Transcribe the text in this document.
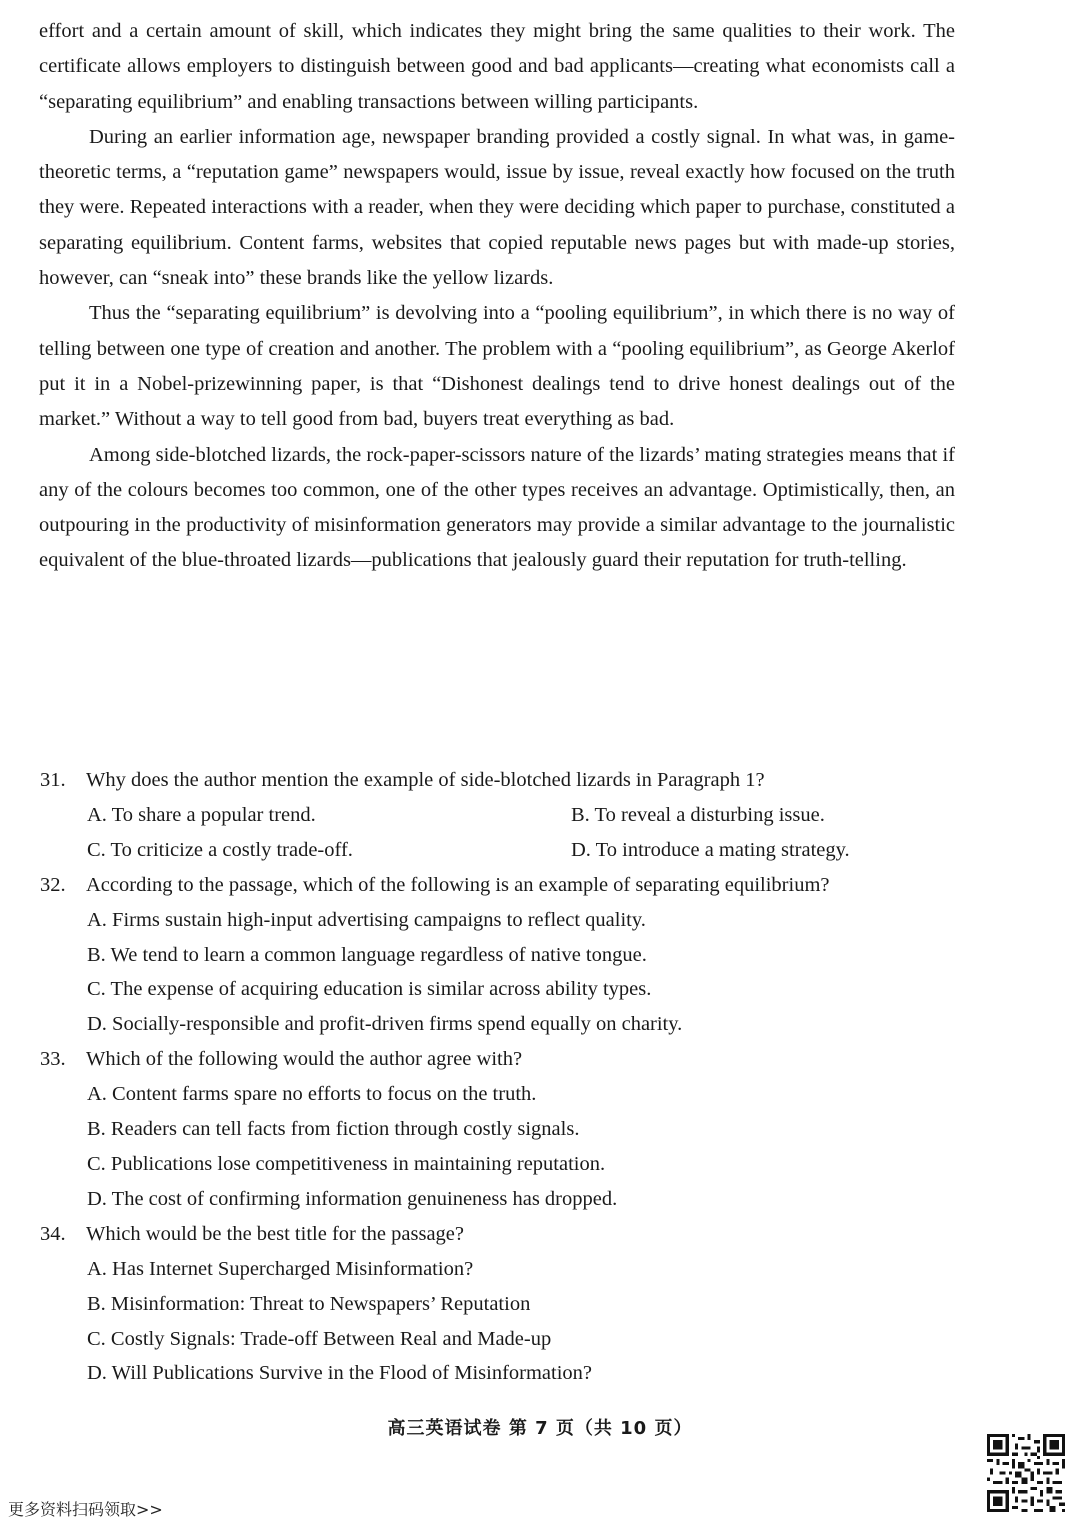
effort and a certain amount of skill, which indicates they might bring the same qualities to their work. The certificate allows employers to distinguish between good and bad applicants—creating what economists call a “separating equilibrium” and enabling transactions between willing participants.

During an earlier information age, newspaper branding provided a costly signal. In what was, in game-theoretic terms, a “reputation game” newspapers would, issue by issue, reveal exactly how focused on the truth they were. Repeated interactions with a reader, when they were deciding which paper to purchase, constituted a separating equilibrium. Content farms, websites that copied reputable news pages but with made-up stories, however, can “sneak into” these brands like the yellow lizards.

Thus the “separating equilibrium” is devolving into a “pooling equilibrium”, in which there is no way of telling between one type of creation and another. The problem with a “pooling equilibrium”, as George Akerlof put it in a Nobel-prizewinning paper, is that “Dishonest dealings tend to drive honest dealings out of the market.” Without a way to tell good from bad, buyers treat everything as bad.

Among side-blotched lizards, the rock-paper-scissors nature of the lizards’ mating strategies means that if any of the colours becomes too common, one of the other types receives an advantage. Optimistically, then, an outpouring in the productivity of misinformation generators may provide a similar advantage to the journalistic equivalent of the blue-throated lizards—publications that jealously guard their reputation for truth-telling.

31. Why does the author mention the example of side-blotched lizards in Paragraph 1?
A. To share a popular trend.	B. To reveal a disturbing issue.
C. To criticize a costly trade-off.	D. To introduce a mating strategy.
32. According to the passage, which of the following is an example of separating equilibrium?
A. Firms sustain high-input advertising campaigns to reflect quality.
B. We tend to learn a common language regardless of native tongue.
C. The expense of acquiring education is similar across ability types.
D. Socially-responsible and profit-driven firms spend equally on charity.
33. Which of the following would the author agree with?
A. Content farms spare no efforts to focus on the truth.
B. Readers can tell facts from fiction through costly signals.
C. Publications lose competitiveness in maintaining reputation.
D. The cost of confirming information genuineness has dropped.
34. Which would be the best title for the passage?
A. Has Internet Supercharged Misinformation?
B. Misinformation: Threat to Newspapers’ Reputation
C. Costly Signals: Trade-off Between Real and Made-up
D. Will Publications Survive in the Flood of Misinformation?
高三英语试卷 第 7 页（共 10 页）
更多资料扫码领取>>
